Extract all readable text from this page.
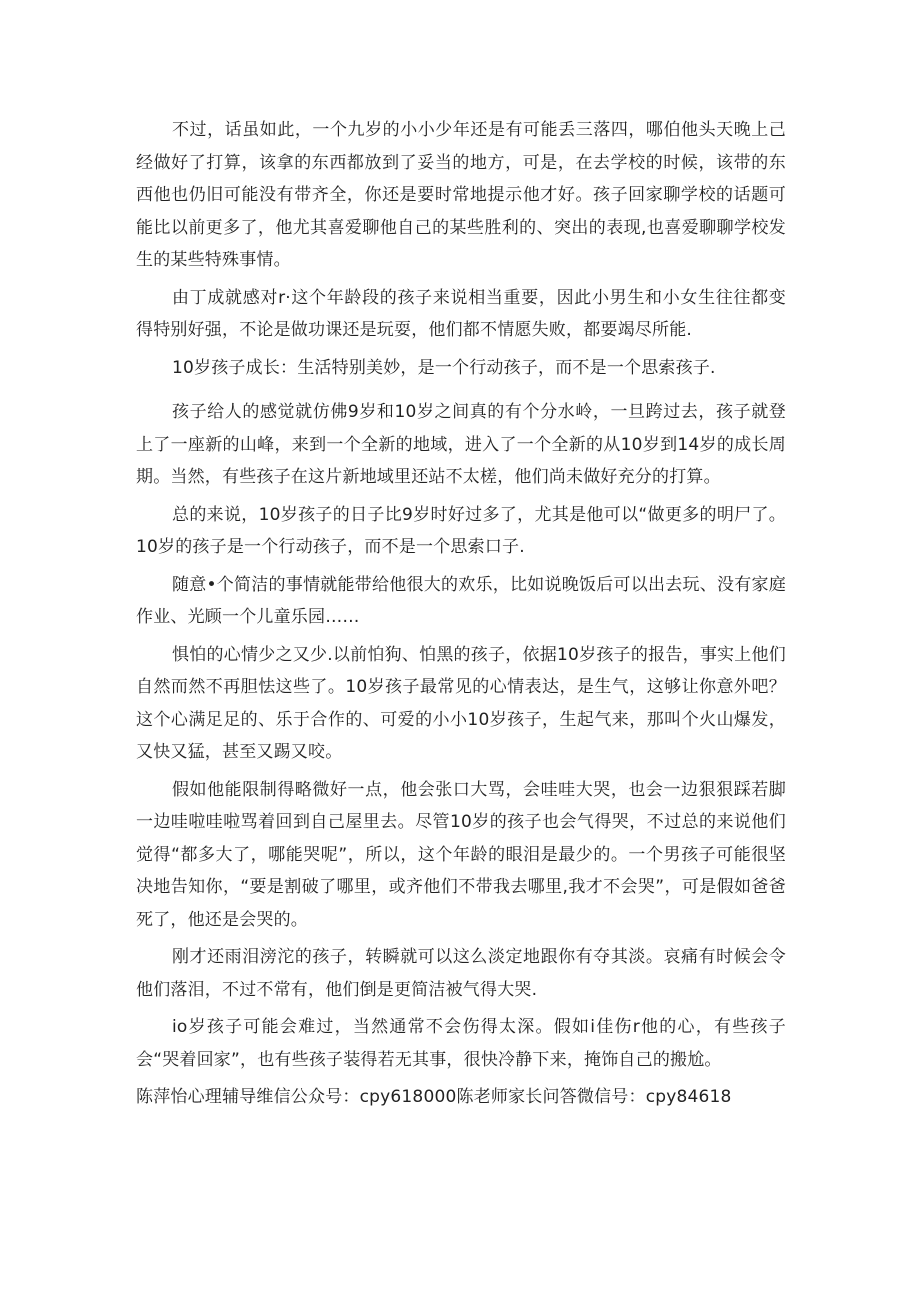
不过，话虽如此，一个九岁的小小少年还是有可能丢三落四，哪伯他头天晚上己经做好了打算，该拿的东西都放到了妥当的地方，可是，在去学校的时候，该带的东西他也仍旧可能没有带齐全，你还是要时常地提示他才好。孩子回家聊学校的话题可能比以前更多了，他尤其喜爱聊他自己的某些胜利的、突出的表现,也喜爱聊聊学校发生的某些特殊事情。

由丁成就感对r·这个年龄段的孩子来说相当重要，因此小男生和小女生往往都变得特别好强，不论是做功课还是玩耍，他们都不情愿失败，都要竭尽所能.

10岁孩子成长：生活特别美妙，是一个行动孩子，而不是一个思索孩子.

孩子给人的感觉就仿佛9岁和10岁之间真的有个分水岭，一旦跨过去，孩子就登上了一座新的山峰，来到一个全新的地域，进入了一个全新的从10岁到14岁的成长周期。当然，有些孩子在这片新地域里还站不太槎，他们尚未做好充分的打算。

总的来说，10岁孩子的日子比9岁时好过多了，尤其是他可以“做更多的明尸了。10岁的孩子是一个行动孩子，而不是一个思索口子.

随意•个简洁的事情就能带给他很大的欢乐，比如说晚饭后可以出去玩、没有家庭作业、光顾一个儿童乐园……

惧怕的心情少之又少.以前怕狗、怕黑的孩子，依据10岁孩子的报告，事实上他们自然而然不再胆怯这些了。10岁孩子最常见的心情表达，是生气，这够让你意外吧？这个心满足足的、乐于合作的、可爱的小小10岁孩子，生起气来，那叫个火山爆发，又快又猛，甚至又踢又咬。

假如他能限制得略微好一点，他会张口大骂，会哇哇大哭，也会一边狠狠踩若脚一边哇啦哇啦骂着回到自己屋里去。尽管10岁的孩子也会气得哭，不过总的来说他们觉得“都多大了，哪能哭呢”，所以，这个年龄的眼泪是最少的。一个男孩子可能很坚决地告知你，“要是割破了哪里，或齐他们不带我去哪里,我才不会哭”，可是假如爸爸死了，他还是会哭的。

刚才还雨泪滂沱的孩子，转瞬就可以这么淡定地跟你有夺其淡。哀痛有时候会令他们落泪，不过不常有，他们倒是更简洁被气得大哭.

io岁孩子可能会难过，当然通常不会伤得太深。假如i佳伤r他的心，有些孩子会“哭着回家”，也有些孩子装得若无其事，很快冷静下来，掩饰自己的搬尬。

陈萍怡心理辅导维信公众号：cpy618000陈老师家长问答微信号：cpy84618
